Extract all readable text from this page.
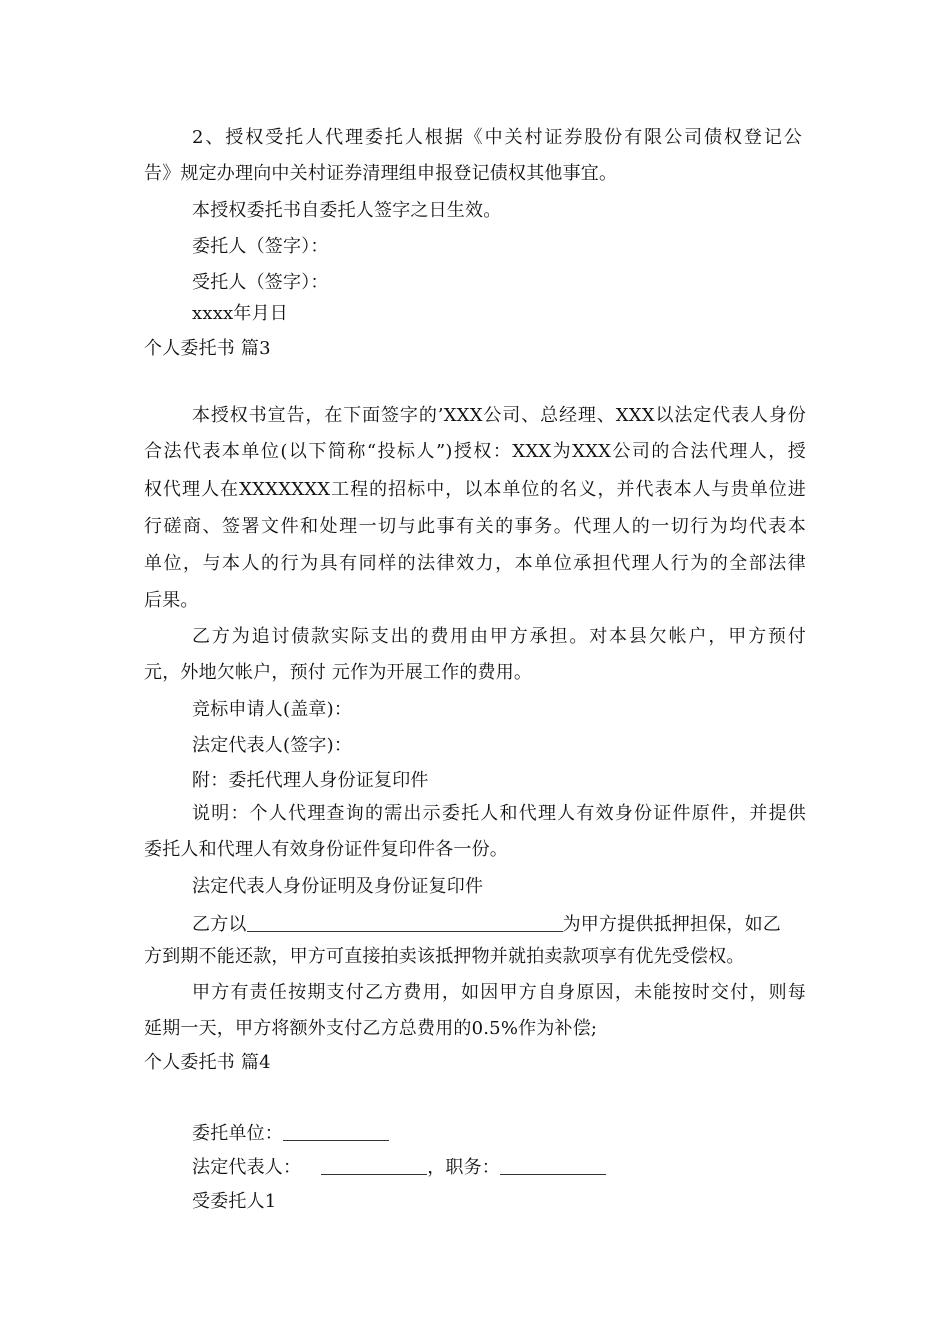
2、授权受托人代理委托人根据《中关村证券股份有限公司债权登记公
告》规定办理向中关村证券清理组申报登记债权其他事宜。
本授权委托书自委托人签字之日生效。
委托人（签字）：
受托人（签字）：
xxxx年月日
个人委托书 篇3
本授权书宣告，在下面签字的’XXX公司、总经理、XXX以法定代表人身份
合法代表本单位(以下简称“投标人”)授权：XXX为XXX公司的合法代理人，授
权代理人在XXXXXXX工程的招标中，以本单位的名义，并代表本人与贵单位进
行磋商、签署文件和处理一切与此事有关的事务。代理人的一切行为均代表本
单位，与本人的行为具有同样的法律效力，本单位承担代理人行为的全部法律
后果。
乙方为追讨债款实际支出的费用由甲方承担。对本县欠帐户，甲方预付
元，外地欠帐户，预付 元作为开展工作的费用。
竞标申请人(盖章)：
法定代表人(签字)：
附：委托代理人身份证复印件
说明：个人代理查询的需出示委托人和代理人有效身份证件原件，并提供
委托人和代理人有效身份证件复印件各一份。
法定代表人身份证明及身份证复印件
乙方以	为甲方提供抵押担保，如乙
方到期不能还款，甲方可直接拍卖该抵押物并就拍卖款项享有优先受偿权。
甲方有责任按期支付乙方费用，如因甲方自身原因，未能按时交付，则每
延期一天，甲方将额外支付乙方总费用的0.5%作为补偿;
个人委托书 篇4
委托单位：
法定代表人：	，职务：
受委托人1
